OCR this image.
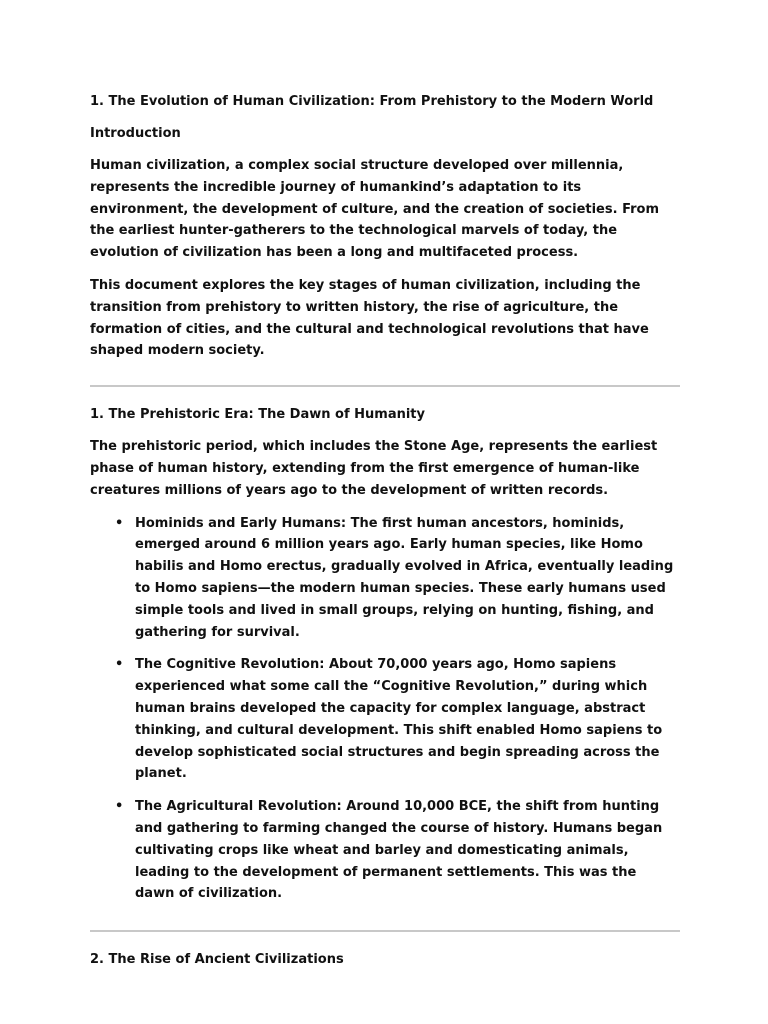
1. The Evolution of Human Civilization: From Prehistory to the Modern World

Introduction

Human civilization, a complex social structure developed over millennia, represents the incredible journey of humankind’s adaptation to its environment, the development of culture, and the creation of societies. From the earliest hunter-gatherers to the technological marvels of today, the evolution of civilization has been a long and multifaceted process.

This document explores the key stages of human civilization, including the transition from prehistory to written history, the rise of agriculture, the formation of cities, and the cultural and technological revolutions that have shaped modern society.

1. The Prehistoric Era: The Dawn of Humanity

The prehistoric period, which includes the Stone Age, represents the earliest phase of human history, extending from the first emergence of human-like creatures millions of years ago to the development of written records.

• Hominids and Early Humans: The first human ancestors, hominids, emerged around 6 million years ago. Early human species, like Homo habilis and Homo erectus, gradually evolved in Africa, eventually leading to Homo sapiens—the modern human species. These early humans used simple tools and lived in small groups, relying on hunting, fishing, and gathering for survival.
• The Cognitive Revolution: About 70,000 years ago, Homo sapiens experienced what some call the “Cognitive Revolution,” during which human brains developed the capacity for complex language, abstract thinking, and cultural development. This shift enabled Homo sapiens to develop sophisticated social structures and begin spreading across the planet.
• The Agricultural Revolution: Around 10,000 BCE, the shift from hunting and gathering to farming changed the course of history. Humans began cultivating crops like wheat and barley and domesticating animals, leading to the development of permanent settlements. This was the dawn of civilization.

2. The Rise of Ancient Civilizations
